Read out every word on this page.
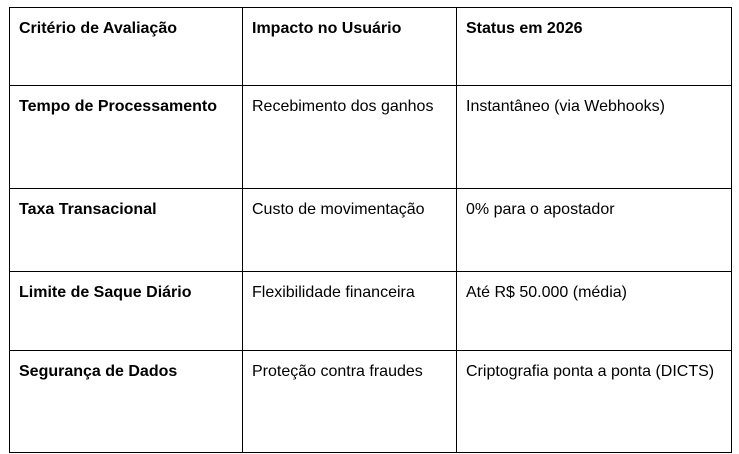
Critério de Avaliação	Impacto no Usuário	Status em 2026
Tempo de Processamento	Recebimento dos ganhos	Instantâneo (via Webhooks)
Taxa Transacional	Custo de movimentação	0% para o apostador
Limite de Saque Diário	Flexibilidade financeira	Até R$ 50.000 (média)
Segurança de Dados	Proteção contra fraudes	Criptografia ponta a ponta (DICTS)
